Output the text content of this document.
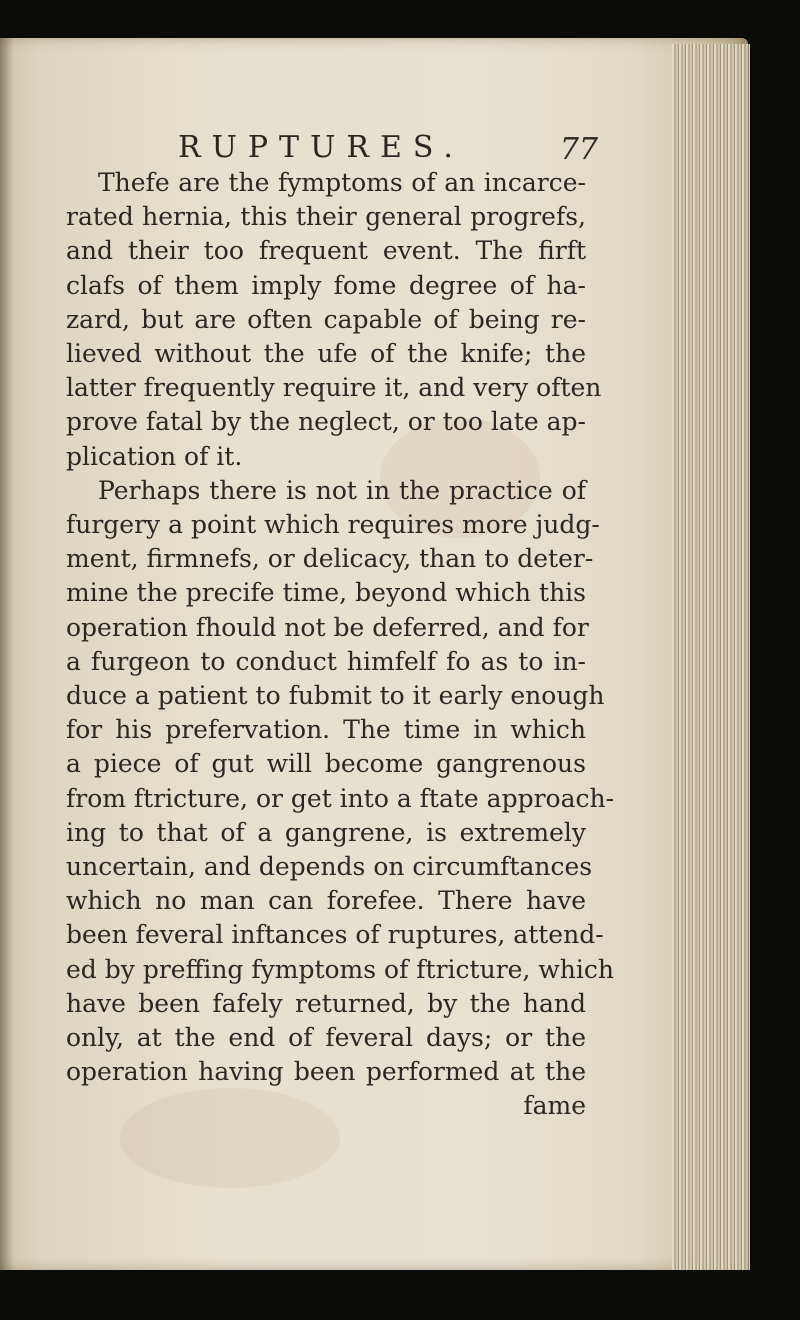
RUPTURES.	77
Thefe are the fymptoms of an incarce-
rated hernia, this their general progrefs,
and their too frequent event. The firft
clafs of them imply fome degree of ha-
zard, but are often capable of being re-
lieved without the ufe of the knife; the
latter frequently require it, and very often
prove fatal by the neglect, or too late ap-
plication of it.
Perhaps there is not in the practice of
furgery a point which requires more judg-
ment, firmnefs, or delicacy, than to deter-
mine the precife time, beyond which this
operation fhould not be deferred, and for
a furgeon to conduct himfelf fo as to in-
duce a patient to fubmit to it early enough
for his prefervation. The time in which
a piece of gut will become gangrenous
from ftricture, or get into a ftate approach-
ing to that of a gangrene, is extremely
uncertain, and depends on circumftances
which no man can forefee. There have
been feveral inftances of ruptures, attend-
ed by preffing fymptoms of ftricture, which
have been fafely returned, by the hand
only, at the end of feveral days; or the
operation having been performed at the
fame
